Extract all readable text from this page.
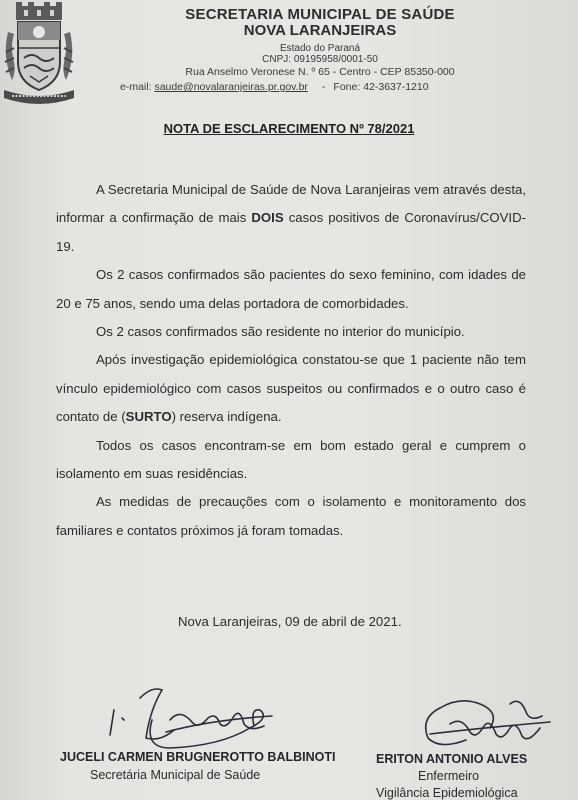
SECRETARIA MUNICIPAL DE SAÚDE
NOVA LARANJEIRAS
Estado do Paraná
CNPJ: 09195958/0001-50
Rua Anselmo Veronese N. º 65 - Centro - CEP 85350-000
e-mail: saude@novalaranjeiras.pr.gov.br - Fone: 42-3637-1210
NOTA DE ESCLARECIMENTO Nº 78/2021

A Secretaria Municipal de Saúde de Nova Laranjeiras vem através desta, informar a confirmação de mais DOIS casos positivos de Coronavírus/COVID-19.

Os 2 casos confirmados são pacientes do sexo feminino, com idades de 20 e 75 anos, sendo uma delas portadora de comorbidades.

Os 2 casos confirmados são residente no interior do município.

Após investigação epidemiológica constatou-se que 1 paciente não tem vínculo epidemiológico com casos suspeitos ou confirmados e o outro caso é contato de (SURTO) reserva indígena.

Todos os casos encontram-se em bom estado geral e cumprem o isolamento em suas residências.

As medidas de precauções com o isolamento e monitoramento dos familiares e contatos próximos já foram tomadas.

Nova Laranjeiras, 09 de abril de 2021.
JUCELI CARMEN BRUGNEROTTO BALBINOTI
Secretária Municipal de Saúde
ERITON ANTONIO ALVES
Enfermeiro
Vigilância Epidemiológica
